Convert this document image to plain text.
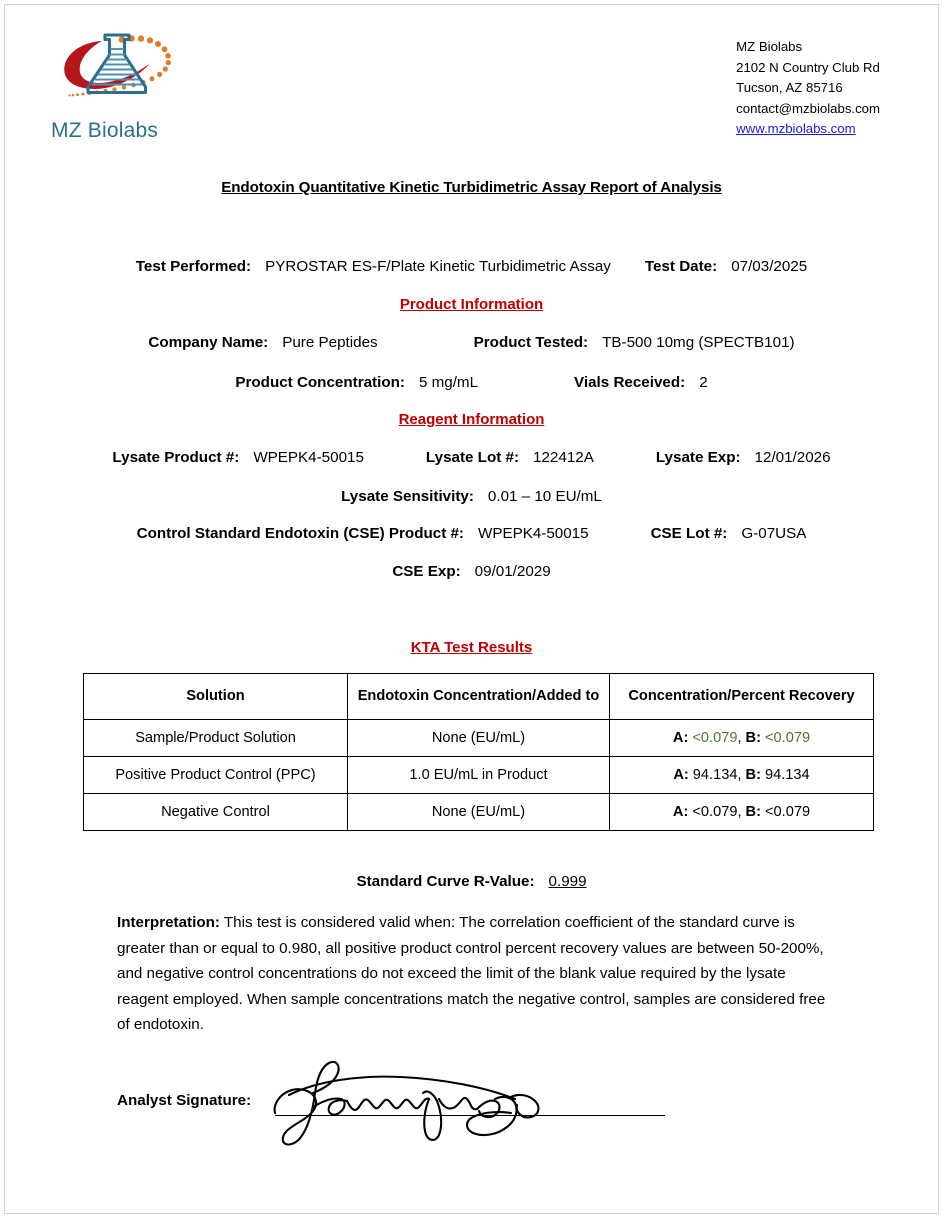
MZ Biolabs
MZ Biolabs
2102 N Country Club Rd
Tucson, AZ 85716
contact@mzbiolabs.com
www.mzbiolabs.com
Endotoxin Quantitative Kinetic Turbidimetric Assay Report of Analysis
Test Performed: PYROSTAR ES-F/Plate Kinetic Turbidimetric Assay Test Date: 07/03/2025
Product Information
Company Name: Pure Peptides	Product Tested: TB-500 10mg (SPECTB101)
Product Concentration: 5 mg/mL	Vials Received: 2
Reagent Information
Lysate Product #: WPEPK4-50015	Lysate Lot #: 122412A	Lysate Exp: 12/01/2026
Lysate Sensitivity: 0.01 – 10 EU/mL
Control Standard Endotoxin (CSE) Product #: WPEPK4-50015	CSE Lot #: G-07USA
CSE Exp: 09/01/2029
KTA Test Results
Solution	Endotoxin Concentration/Added to	Concentration/Percent Recovery
Sample/Product Solution	None (EU/mL)	A: <0.079, B: <0.079
Positive Product Control (PPC)	1.0 EU/mL in Product	A: 94.134, B: 94.134
Negative Control	None (EU/mL)	A: <0.079, B: <0.079
Standard Curve R-Value: 0.999
Interpretation: This test is considered valid when: The correlation coefficient of the standard curve is greater than or equal to 0.980, all positive product control percent recovery values are between 50-200%, and negative control concentrations do not exceed the limit of the blank value required by the lysate reagent employed. When sample concentrations match the negative control, samples are considered free of endotoxin.
Analyst Signature:
